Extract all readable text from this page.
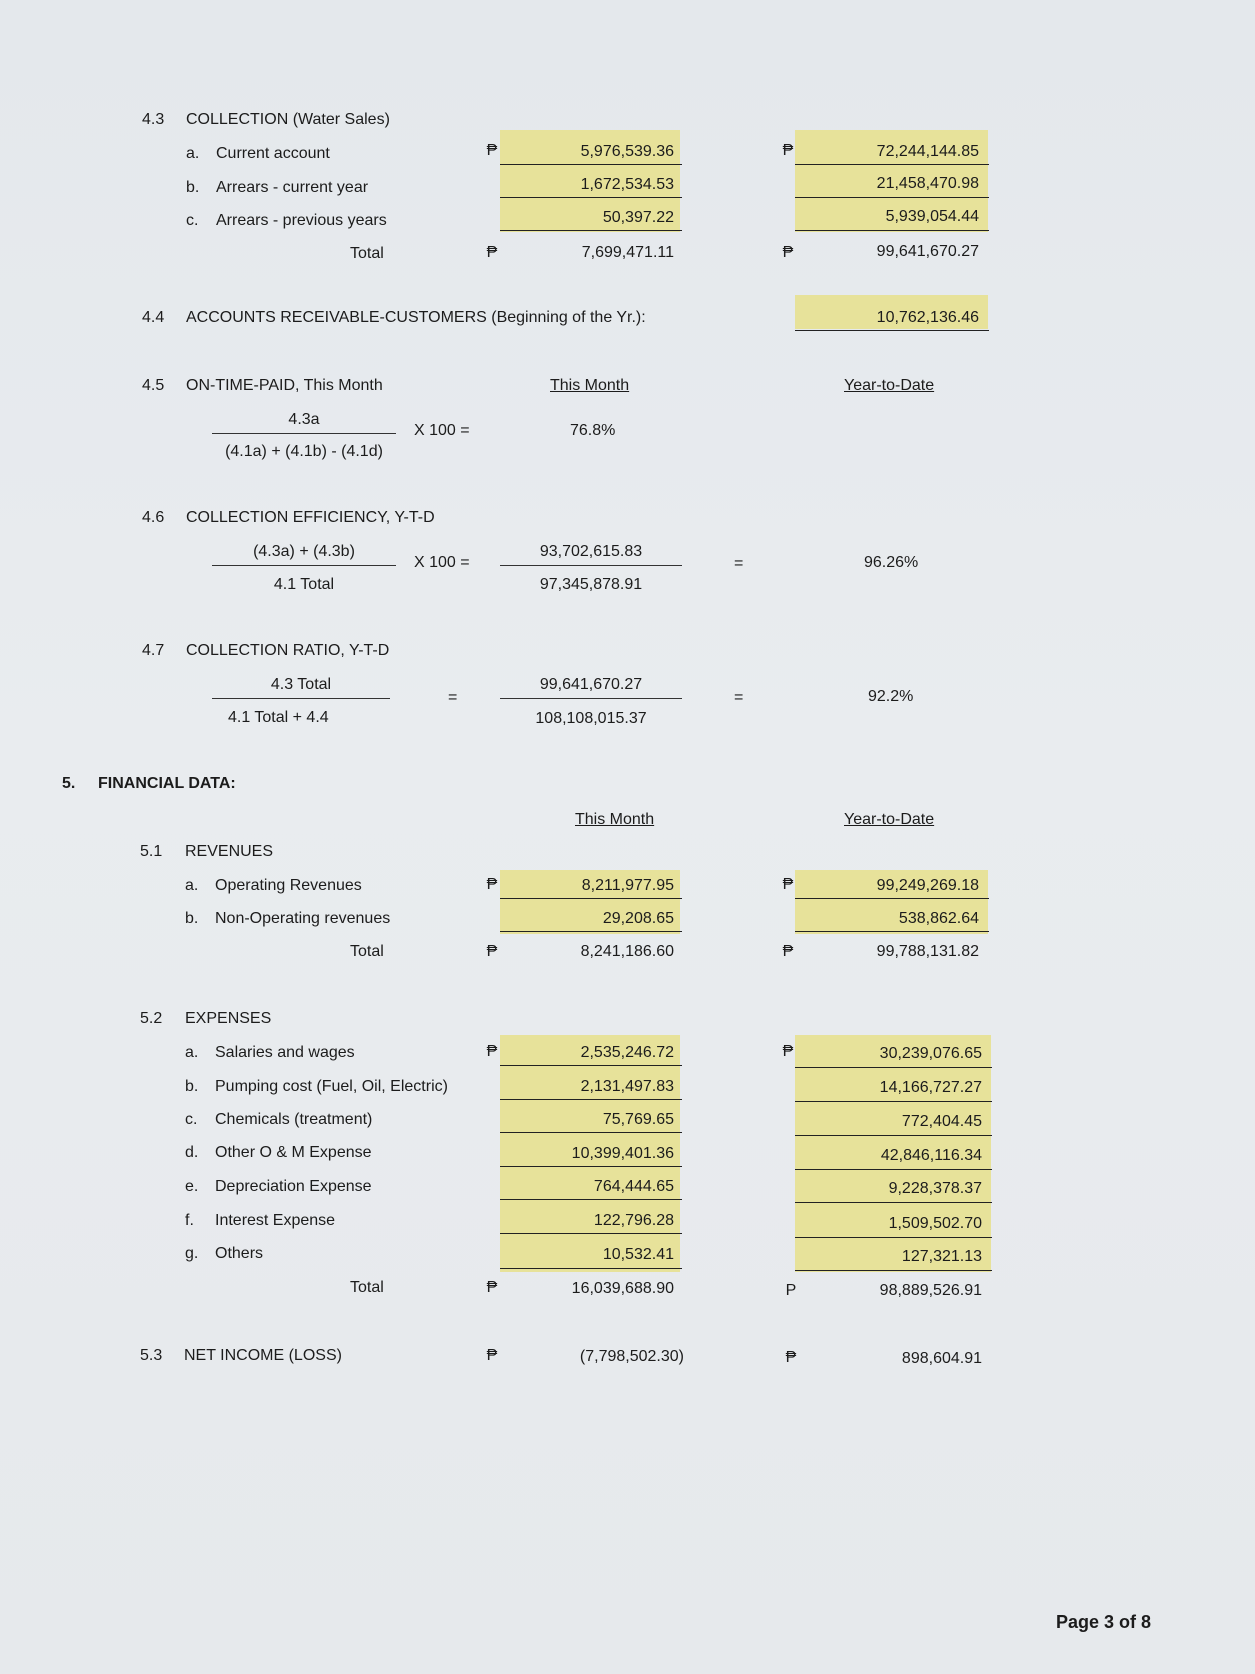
4.3 COLLECTION (Water Sales)
a. Current account	₱	5,976,539.36	₱	72,244,144.85
b. Arrears - current year	1,672,534.53	21,458,470.98
c. Arrears - previous years	50,397.22	5,939,054.44
Total	₱	7,699,471.11	₱	99,641,670.27
4.4 ACCOUNTS RECEIVABLE-CUSTOMERS (Beginning of the Yr.):	10,762,136.46
4.5 ON-TIME-PAID, This Month	This Month	Year-to-Date
4.3a
(4.1a) + (4.1b) - (4.1d)
X 100 =	76.8%
4.6 COLLECTION EFFICIENCY, Y-T-D
(4.3a) + (4.3b)
4.1 Total
X 100 =
93,702,615.83
97,345,878.91
=	96.26%
4.7 COLLECTION RATIO, Y-T-D
4.3 Total
4.1 Total + 4.4
=
99,641,670.27
108,108,015.37
=	92.2%
5. FINANCIAL DATA:
This Month	Year-to-Date
5.1 REVENUES
a. Operating Revenues	₱	8,211,977.95	₱	99,249,269.18
b. Non-Operating revenues	29,208.65	538,862.64
Total	₱	8,241,186.60	₱	99,788,131.82
5.2 EXPENSES
₱	₱
a. Salaries and wages	2,535,246.72	30,239,076.65
b. Pumping cost (Fuel, Oil, Electric)	2,131,497.83	14,166,727.27
c. Chemicals (treatment)	75,769.65	772,404.45
d. Other O & M Expense	10,399,401.36	42,846,116.34
e. Depreciation Expense	764,444.65	9,228,378.37
f. Interest Expense	122,796.28	1,509,502.70
g. Others	10,532.41	127,321.13
Total	₱	16,039,688.90	P	98,889,526.91
5.3 NET INCOME (LOSS)	₱	(7,798,502.30)	₱	898,604.91
Page 3 of 8
